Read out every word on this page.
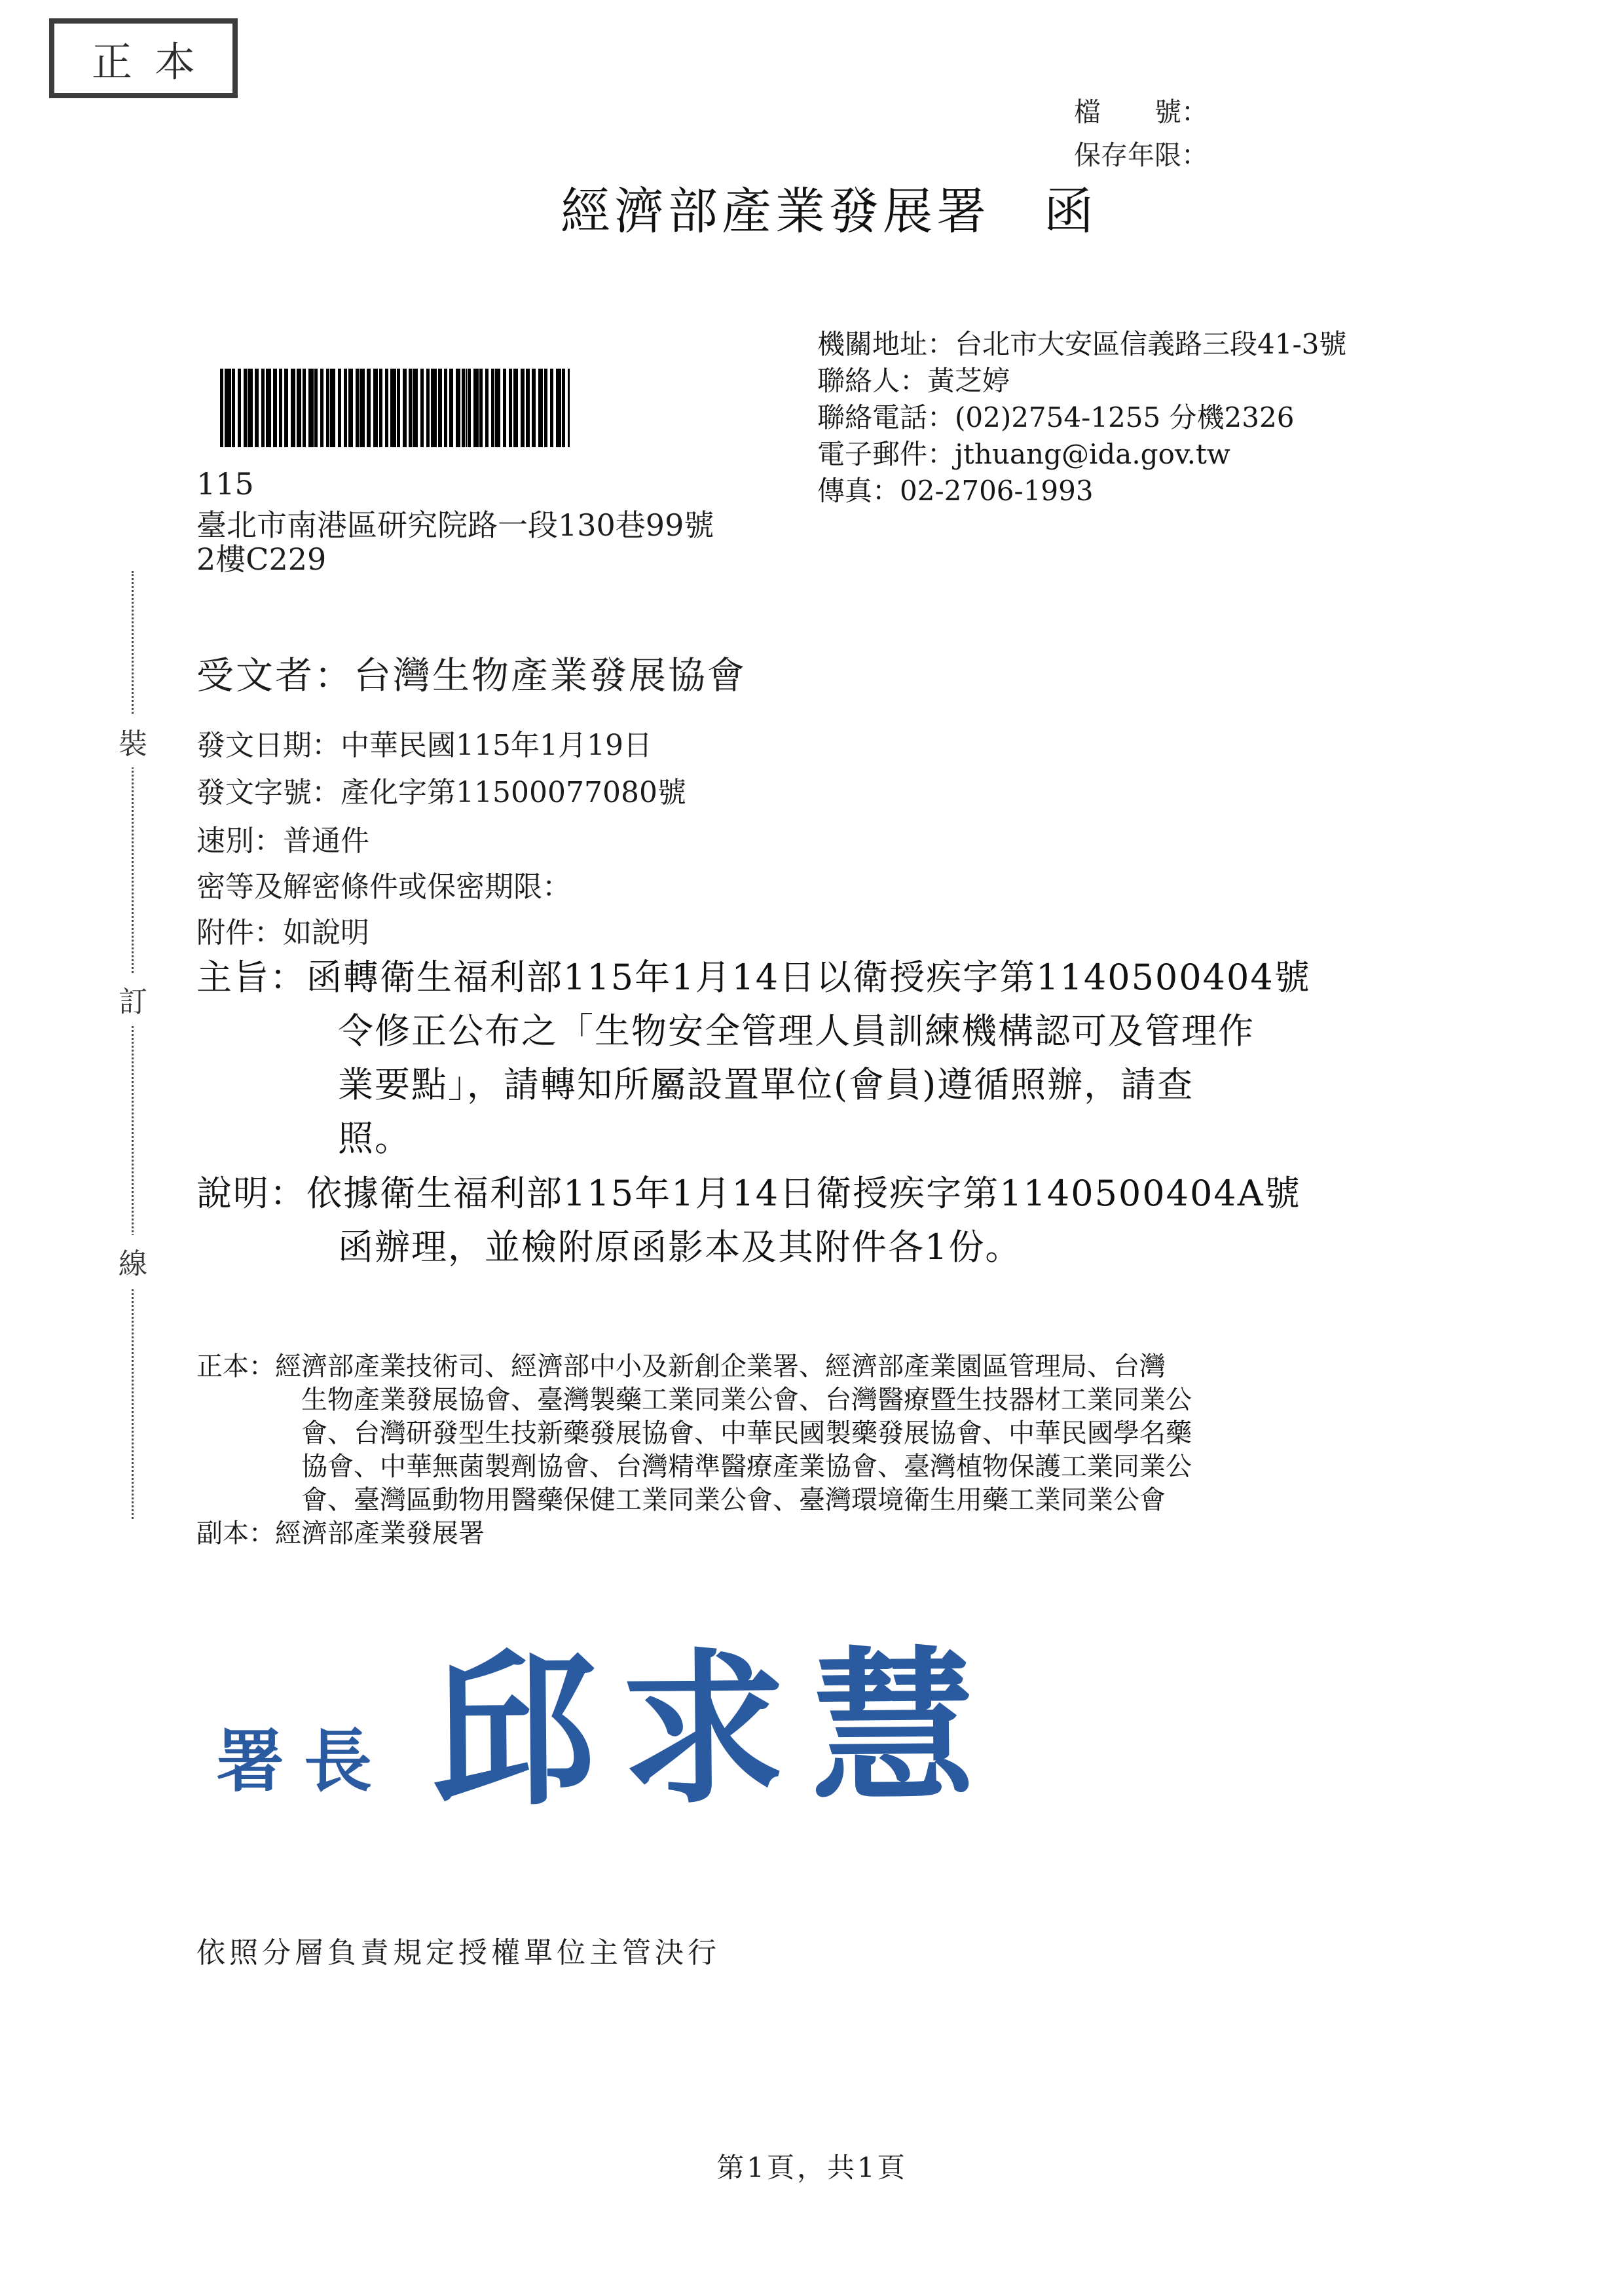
正本
檔　　號：
保存年限：
經濟部產業發展署　函
機關地址：台北市大安區信義路三段41-3號
聯絡人：黃芝婷
聯絡電話：(02)2754-1255 分機2326
電子郵件：jthuang@ida.gov.tw
傳真：02-2706-1993
115
臺北市南港區研究院路一段130巷99號
2樓C229
受文者：台灣生物產業發展協會
發文日期：中華民國115年1月19日
發文字號：產化字第11500077080號
速別：普通件
密等及解密條件或保密期限：
附件：如說明
主旨：函轉衛生福利部115年1月14日以衛授疾字第1140500404號
令修正公布之「生物安全管理人員訓練機構認可及管理作
業要點」，請轉知所屬設置單位(會員)遵循照辦，請查
照。
說明：依據衛生福利部115年1月14日衛授疾字第1140500404A號
函辦理，並檢附原函影本及其附件各1份。
正本：經濟部產業技術司、經濟部中小及新創企業署、經濟部產業園區管理局、台灣
生物產業發展協會、臺灣製藥工業同業公會、台灣醫療暨生技器材工業同業公
會、台灣研發型生技新藥發展協會、中華民國製藥發展協會、中華民國學名藥
協會、中華無菌製劑協會、台灣精準醫療產業協會、臺灣植物保護工業同業公
會、臺灣區動物用醫藥保健工業同業公會、臺灣環境衛生用藥工業同業公會
副本：經濟部產業發展署
署長 邱求慧
依照分層負責規定授權單位主管決行
第1頁，共1頁
裝
訂
線
